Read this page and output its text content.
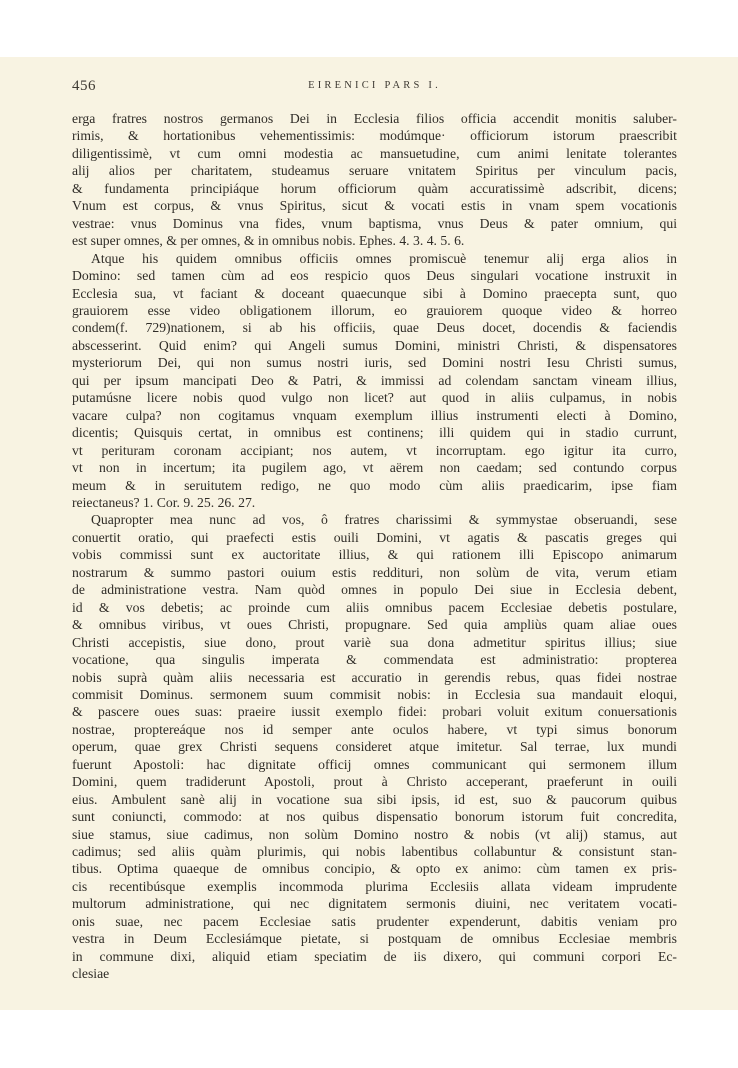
456	EIRENICI PARS I.

erga fratres nostros germanos Dei in Ecclesia filios officia accendit monitis saluber-

rimis, & hortationibus vehementissimis: modúmque· officiorum istorum praescribit

diligentissimè, vt cum omni modestia ac mansuetudine, cum animi lenitate tolerantes

alij alios per charitatem, studeamus seruare vnitatem Spiritus per vinculum pacis,

& fundamenta principiáque horum officiorum quàm accuratissimè adscribit, dicens;

Vnum est corpus, & vnus Spiritus, sicut & vocati estis in vnam spem vocationis

vestrae: vnus Dominus vna fides, vnum baptisma, vnus Deus & pater omnium, qui

est super omnes, & per omnes, & in omnibus nobis. Ephes. 4. 3. 4. 5. 6.

Atque his quidem omnibus officiis omnes promiscuè tenemur alij erga alios in

Domino: sed tamen cùm ad eos respicio quos Deus singulari vocatione instruxit in

Ecclesia sua, vt faciant & doceant quaecunque sibi à Domino praecepta sunt, quo

grauiorem esse video obligationem illorum, eo grauiorem quoque video & horreo

condem(f. 729)nationem, si ab his officiis, quae Deus docet, docendis & faciendis

abscesserint. Quid enim? qui Angeli sumus Domini, ministri Christi, & dispensatores

mysteriorum Dei, qui non sumus nostri iuris, sed Domini nostri Iesu Christi sumus,

qui per ipsum mancipati Deo & Patri, & immissi ad colendam sanctam vineam illius,

putamúsne licere nobis quod vulgo non licet? aut quod in aliis culpamus, in nobis

vacare culpa? non cogitamus vnquam exemplum illius instrumenti electi à Domino,

dicentis; Quisquis certat, in omnibus est continens; illi quidem qui in stadio currunt,

vt perituram coronam accipiant; nos autem, vt incorruptam. ego igitur ita curro,

vt non in incertum; ita pugilem ago, vt aërem non caedam; sed contundo corpus

meum & in seruitutem redigo, ne quo modo cùm aliis praedicarim, ipse fiam

reiectaneus? 1. Cor. 9. 25. 26. 27.

Quapropter mea nunc ad vos, ô fratres charissimi & symmystae obseruandi, sese

conuertit oratio, qui praefecti estis ouili Domini, vt agatis & pascatis greges qui

vobis commissi sunt ex auctoritate illius, & qui rationem illi Episcopo animarum

nostrarum & summo pastori ouium estis reddituri, non solùm de vita, verum etiam

de administratione vestra. Nam quòd omnes in populo Dei siue in Ecclesia debent,

id & vos debetis; ac proinde cum aliis omnibus pacem Ecclesiae debetis postulare,

& omnibus viribus, vt oues Christi, propugnare. Sed quia ampliùs quam aliae oues

Christi accepistis, siue dono, prout variè sua dona admetitur spiritus illius; siue

vocatione, qua singulis imperata & commendata est administratio: propterea

nobis suprà quàm aliis necessaria est accuratio in gerendis rebus, quas fidei nostrae

commisit Dominus. sermonem suum commisit nobis: in Ecclesia sua mandauit eloqui,

& pascere oues suas: praeire iussit exemplo fidei: probari voluit exitum conuersationis

nostrae, proptereáque nos id semper ante oculos habere, vt typi simus bonorum

operum, quae grex Christi sequens consideret atque imitetur. Sal terrae, lux mundi

fuerunt Apostoli: hac dignitate officij omnes communicant qui sermonem illum

Domini, quem tradiderunt Apostoli, prout à Christo acceperant, praeferunt in ouili

eius. Ambulent sanè alij in vocatione sua sibi ipsis, id est, suo & paucorum quibus

sunt coniuncti, commodo: at nos quibus dispensatio bonorum istorum fuit concredita,

siue stamus, siue cadimus, non solùm Domino nostro & nobis (vt alij) stamus, aut

cadimus; sed aliis quàm plurimis, qui nobis labentibus collabuntur & consistunt stan-

tibus. Optima quaeque de omnibus concipio, & opto ex animo: cùm tamen ex pris-

cis recentibúsque exemplis incommoda plurima Ecclesiis allata videam imprudente

multorum administratione, qui nec dignitatem sermonis diuini, nec veritatem vocati-

onis suae, nec pacem Ecclesiae satis prudenter expenderunt, dabitis veniam pro

vestra in Deum Ecclesiámque pietate, si postquam de omnibus Ecclesiae membris

in commune dixi, aliquid etiam speciatim de iis dixero, qui communi corpori Ec-

clesiae
